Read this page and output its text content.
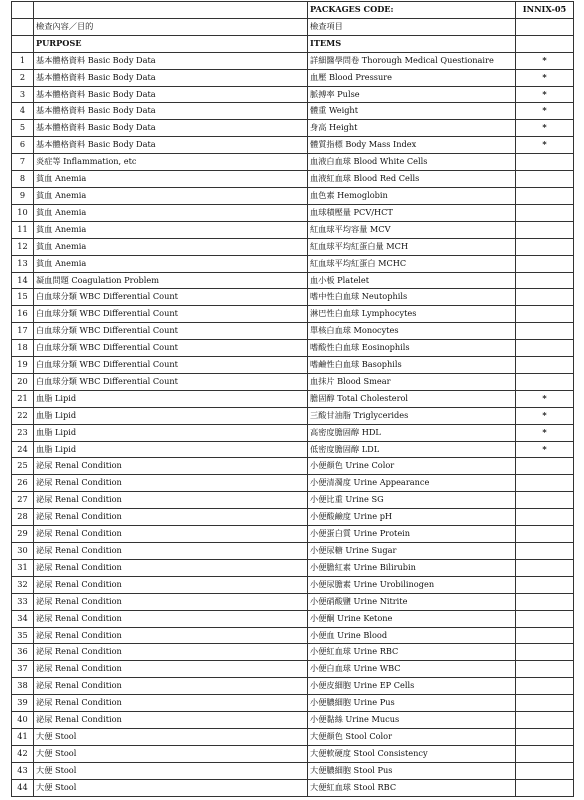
		PACKAGES CODE:	INNIX-05
	檢查內容／目的	檢查項目	
	PURPOSE	ITEMS	
1	基本體格資料 Basic Body Data	詳細醫學問卷 Thorough Medical Questionaire	*
2	基本體格資料 Basic Body Data	血壓 Blood Pressure	*
3	基本體格資料 Basic Body Data	脈搏率 Pulse	*
4	基本體格資料 Basic Body Data	體重 Weight	*
5	基本體格資料 Basic Body Data	身高 Height	*
6	基本體格資料 Basic Body Data	體質指標 Body Mass Index	*
7	炎症等 Inflammation, etc	血液白血球 Blood White Cells	
8	貧血 Anemia	血液紅血球 Blood Red Cells	
9	貧血 Anemia	血色素 Hemoglobin	
10	貧血 Anemia	血球積壓量 PCV/HCT	
11	貧血 Anemia	紅血球平均容量 MCV	
12	貧血 Anemia	紅血球平均紅蛋白量 MCH	
13	貧血 Anemia	紅血球平均紅蛋白 MCHC	
14	凝血問題 Coagulation Problem	血小板 Platelet	
15	白血球分類 WBC Differential Count	嗜中性白血球 Neutophils	
16	白血球分類 WBC Differential Count	淋巴性白血球 Lymphocytes	
17	白血球分類 WBC Differential Count	單核白血球 Monocytes	
18	白血球分類 WBC Differential Count	嗜酸性白血球 Eosinophils	
19	白血球分類 WBC Differential Count	嗜鹼性白血球 Basophils	
20	白血球分類 WBC Differential Count	血抹片 Blood Smear	
21	血脂 Lipid	膽固醇 Total Cholesterol	*
22	血脂 Lipid	三酸甘油脂 Triglycerides	*
23	血脂 Lipid	高密度膽固醇 HDL	*
24	血脂 Lipid	低密度膽固醇 LDL	*
25	泌尿 Renal Condition	小便顏色 Urine Color	
26	泌尿 Renal Condition	小便清濁度 Urine Appearance	
27	泌尿 Renal Condition	小便比重 Urine SG	
28	泌尿 Renal Condition	小便酸鹼度 Urine pH	
29	泌尿 Renal Condition	小便蛋白質 Urine Protein	
30	泌尿 Renal Condition	小便尿糖 Urine Sugar	
31	泌尿 Renal Condition	小便膽紅素 Urine Bilirubin	
32	泌尿 Renal Condition	小便尿膽素 Urine Urobilinogen	
33	泌尿 Renal Condition	小便硝酸鹽 Urine Nitrite	
34	泌尿 Renal Condition	小便酮 Urine Ketone	
35	泌尿 Renal Condition	小便血 Urine Blood	
36	泌尿 Renal Condition	小便紅血球 Urine RBC	
37	泌尿 Renal Condition	小便白血球 Urine WBC	
38	泌尿 Renal Condition	小便皮細胞 Urine EP Cells	
39	泌尿 Renal Condition	小便膿細胞 Urine Pus	
40	泌尿 Renal Condition	小便黏絲 Urine Mucus	
41	大便 Stool	大便顏色 Stool Color	
42	大便 Stool	大便軟硬度 Stool Consistency	
43	大便 Stool	大便膿細胞 Stool Pus	
44	大便 Stool	大便紅血球 Stool RBC	
